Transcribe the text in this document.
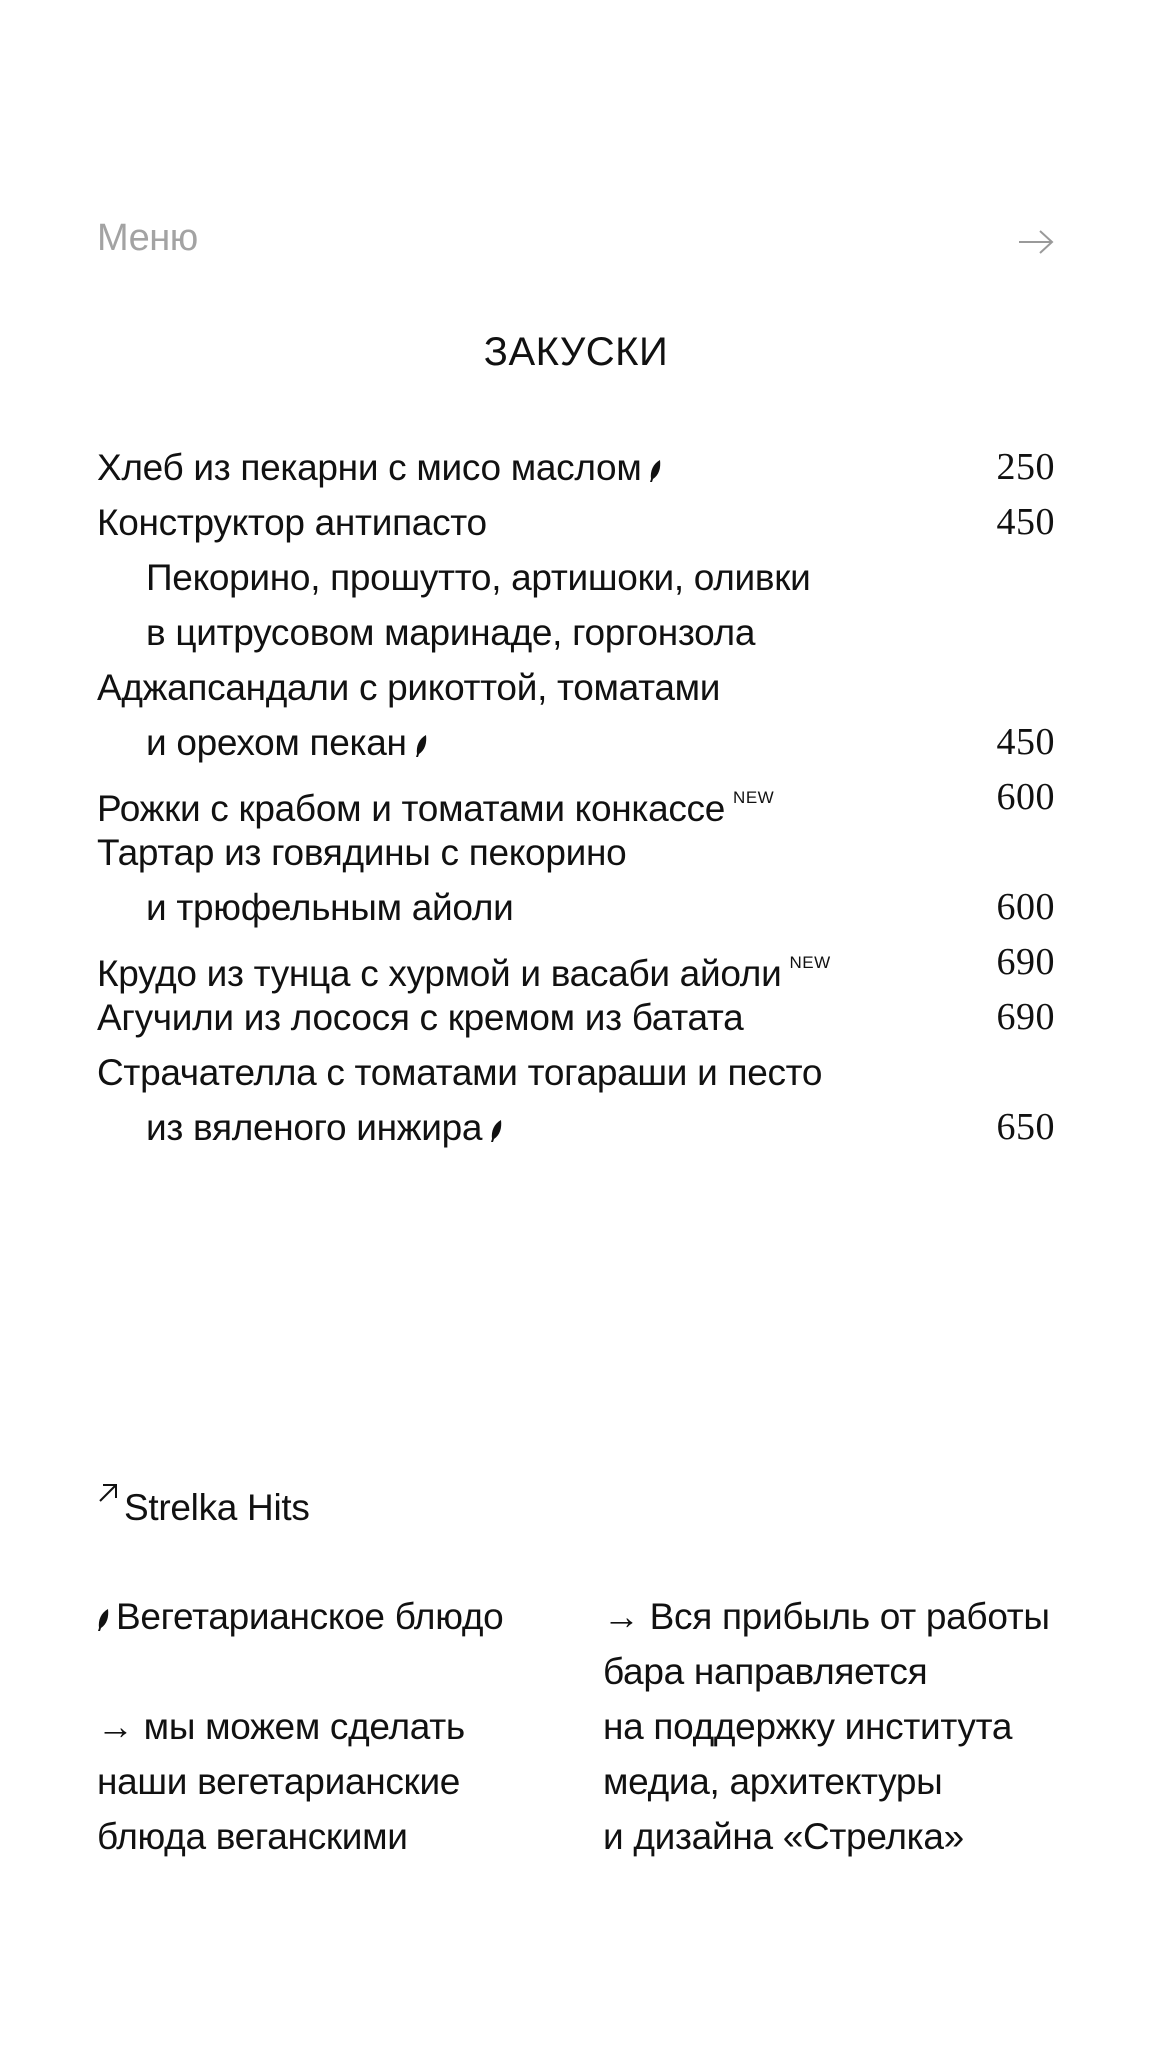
Меню
ЗАКУСКИ
Хлеб из пекарни с мисо маслом	250
Конструктор антипасто	450
Пекорино, прошутто, артишоки, оливки
в цитрусовом маринаде, горгонзола
Аджапсандали с рикоттой, томатами
и орехом пекан	450
Рожки с крабом и томатами конкассе $^{NEW}$	600
Тартар из говядины с пекорино
и трюфельным айоли	600
Крудо из тунца с хурмой и васаби айоли $^{NEW}$	690
Агучили из лосося с кремом из батата	690
Страчателла с томатами тогараши и песто
из вяленого инжира	650
Strelka Hits
Вегетарианское блюдо
→ мы можем сделать
наши вегетарианские
блюда веганскими
→ Вся прибыль от работы
бара направляется
на поддержку института
медиа, архитектуры
и дизайна «Стрелка»
